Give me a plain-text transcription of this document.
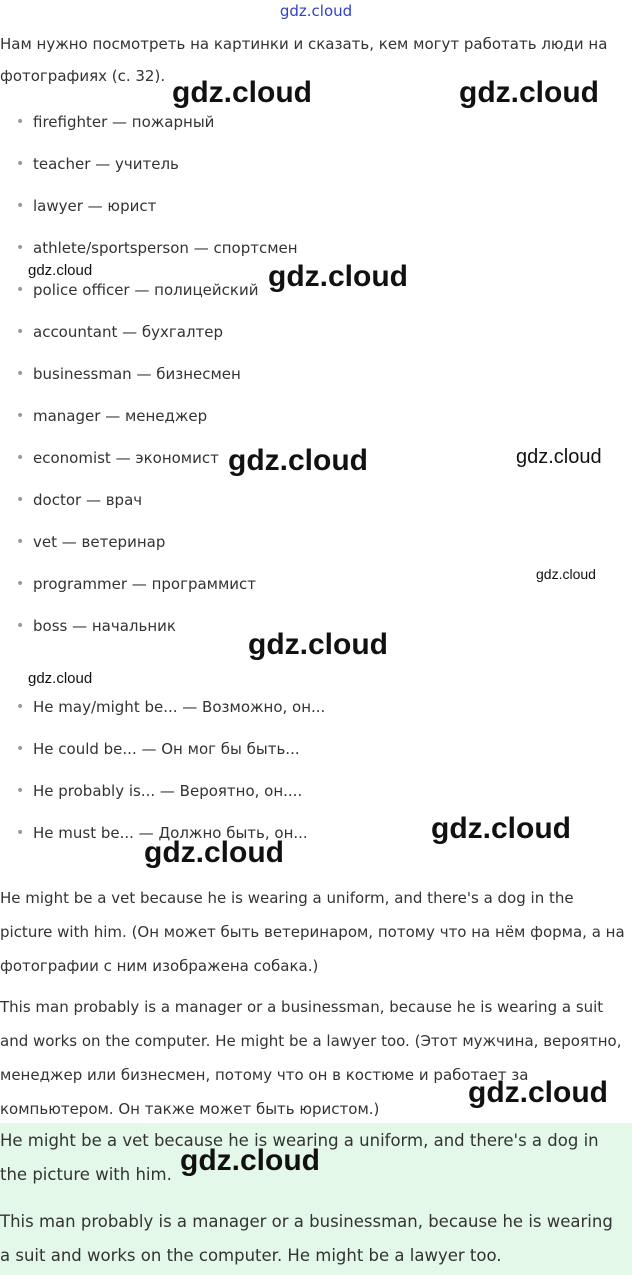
gdz.cloud
Нам нужно посмотреть на картинки и сказать, кем могут работать люди на фотографиях (с. 32).
• firefighter — пожарный
• teacher — учитель
• lawyer — юрист
• athlete/sportsperson — спортсмен
• police officer — полицейский
• accountant — бухгалтер
• businessman — бизнесмен
• manager — менеджер
• economist — экономист
• doctor — врач
• vet — ветеринар
• programmer — программист
• boss — начальник
• He may/might be... — Возможно, он...
• He could be... — Он мог бы быть...
• He probably is... — Вероятно, он....
• He must be... — Должно быть, он...

He might be a vet because he is wearing a uniform, and there's a dog in the picture with him. (Он может быть ветеринаром, потому что на нём форма, а на фотографии с ним изображена собака.)

This man probably is a manager or a businessman, because he is wearing a suit and works on the computer. He might be a lawyer too. (Этот мужчина, вероятно, менеджер или бизнесмен, потому что он в костюме и работает за компьютером. Он также может быть юристом.)

He might be a vet because he is wearing a uniform, and there's a dog in the picture with him.

This man probably is a manager or a businessman, because he is wearing a suit and works on the computer. He might be a lawyer too.

gdz.cloud	gdz.cloud
gdz.cloud	gdz.cloud
gdz.cloud	gdz.cloud
gdz.cloud
gdz.cloud
gdz.cloud
gdz.cloud
gdz.cloud
gdz.cloud
gdz.cloud
